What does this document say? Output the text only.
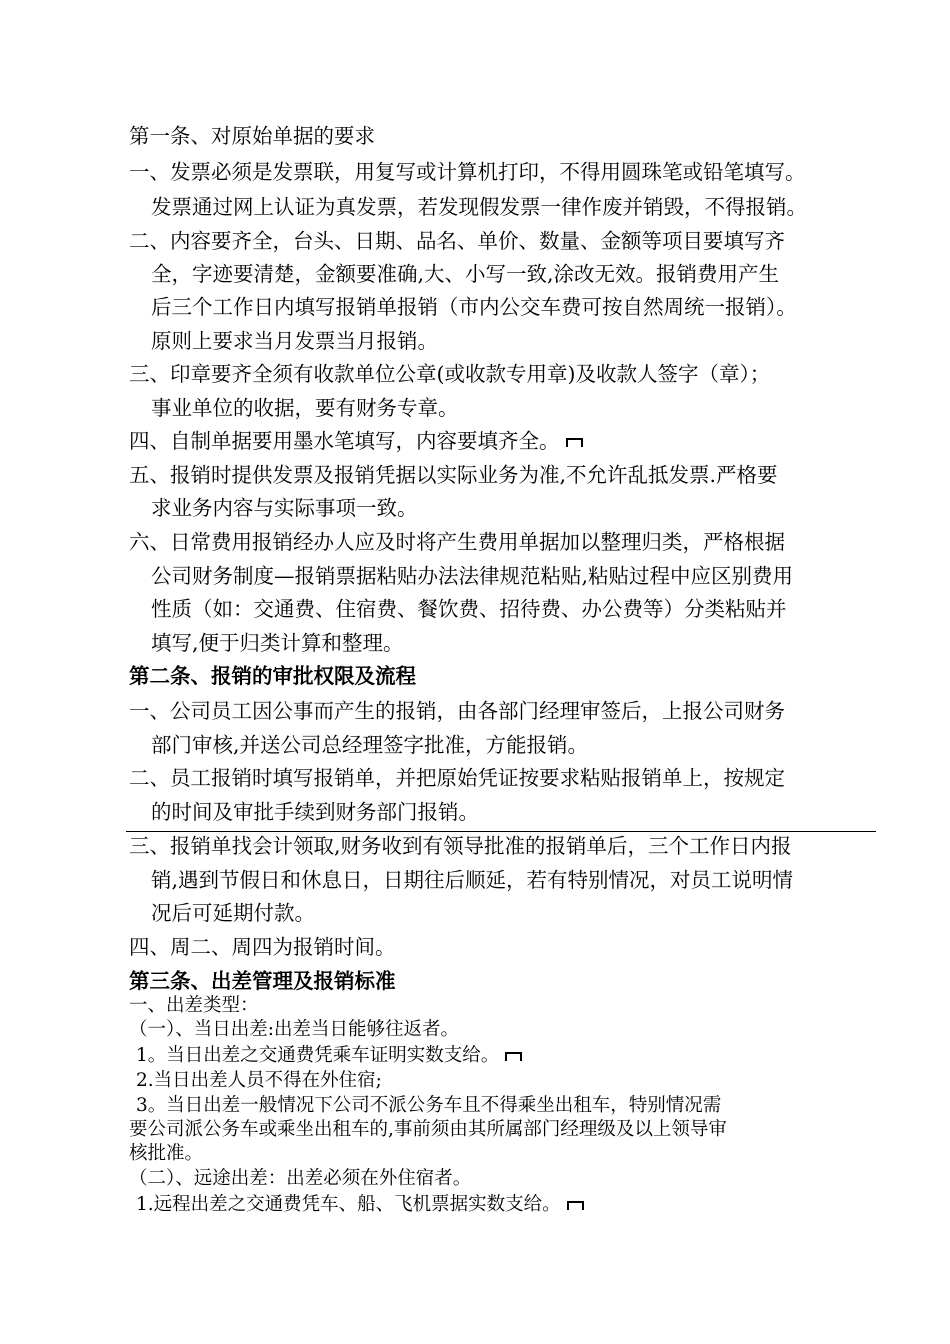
第一条、对原始单据的要求
一、发票必须是发票联，用复写或计算机打印，不得用圆珠笔或铅笔填写。
发票通过网上认证为真发票，若发现假发票一律作废并销毁，不得报销。
二、内容要齐全，台头、日期、品名、单价、数量、金额等项目要填写齐
全，字迹要清楚，金额要准确,大、小写一致,涂改无效。报销费用产生
后三个工作日内填写报销单报销（市内公交车费可按自然周统一报销）。
原则上要求当月发票当月报销。
三、印章要齐全须有收款单位公章(或收款专用章)及收款人签字（章）；
事业单位的收据，要有财务专章。
四、自制单据要用墨水笔填写，内容要填齐全。
五、报销时提供发票及报销凭据以实际业务为准,不允许乱抵发票.严格要
求业务内容与实际事项一致。
六、日常费用报销经办人应及时将产生费用单据加以整理归类，严格根据
公司财务制度—报销票据粘贴办法法律规范粘贴,粘贴过程中应区别费用
性质（如：交通费、住宿费、餐饮费、招待费、办公费等）分类粘贴并
填写,便于归类计算和整理。
第二条、报销的审批权限及流程
一、公司员工因公事而产生的报销，由各部门经理审签后，上报公司财务
部门审核,并送公司总经理签字批准，方能报销。
二、员工报销时填写报销单，并把原始凭证按要求粘贴报销单上，按规定
的时间及审批手续到财务部门报销。
三、报销单找会计领取,财务收到有领导批准的报销单后，三个工作日内报
销,遇到节假日和休息日，日期往后顺延，若有特别情况，对员工说明情
况后可延期付款。
四、周二、周四为报销时间。
第三条、出差管理及报销标准
一、出差类型：
（一）、当日出差:出差当日能够往返者。
1。当日出差之交通费凭乘车证明实数支给。
2.当日出差人员不得在外住宿;
3。当日出差一般情况下公司不派公务车且不得乘坐出租车，特别情况需
要公司派公务车或乘坐出租车的,事前须由其所属部门经理级及以上领导审
核批准。
（二）、远途出差：出差必须在外住宿者。
1.远程出差之交通费凭车、船、飞机票据实数支给。
